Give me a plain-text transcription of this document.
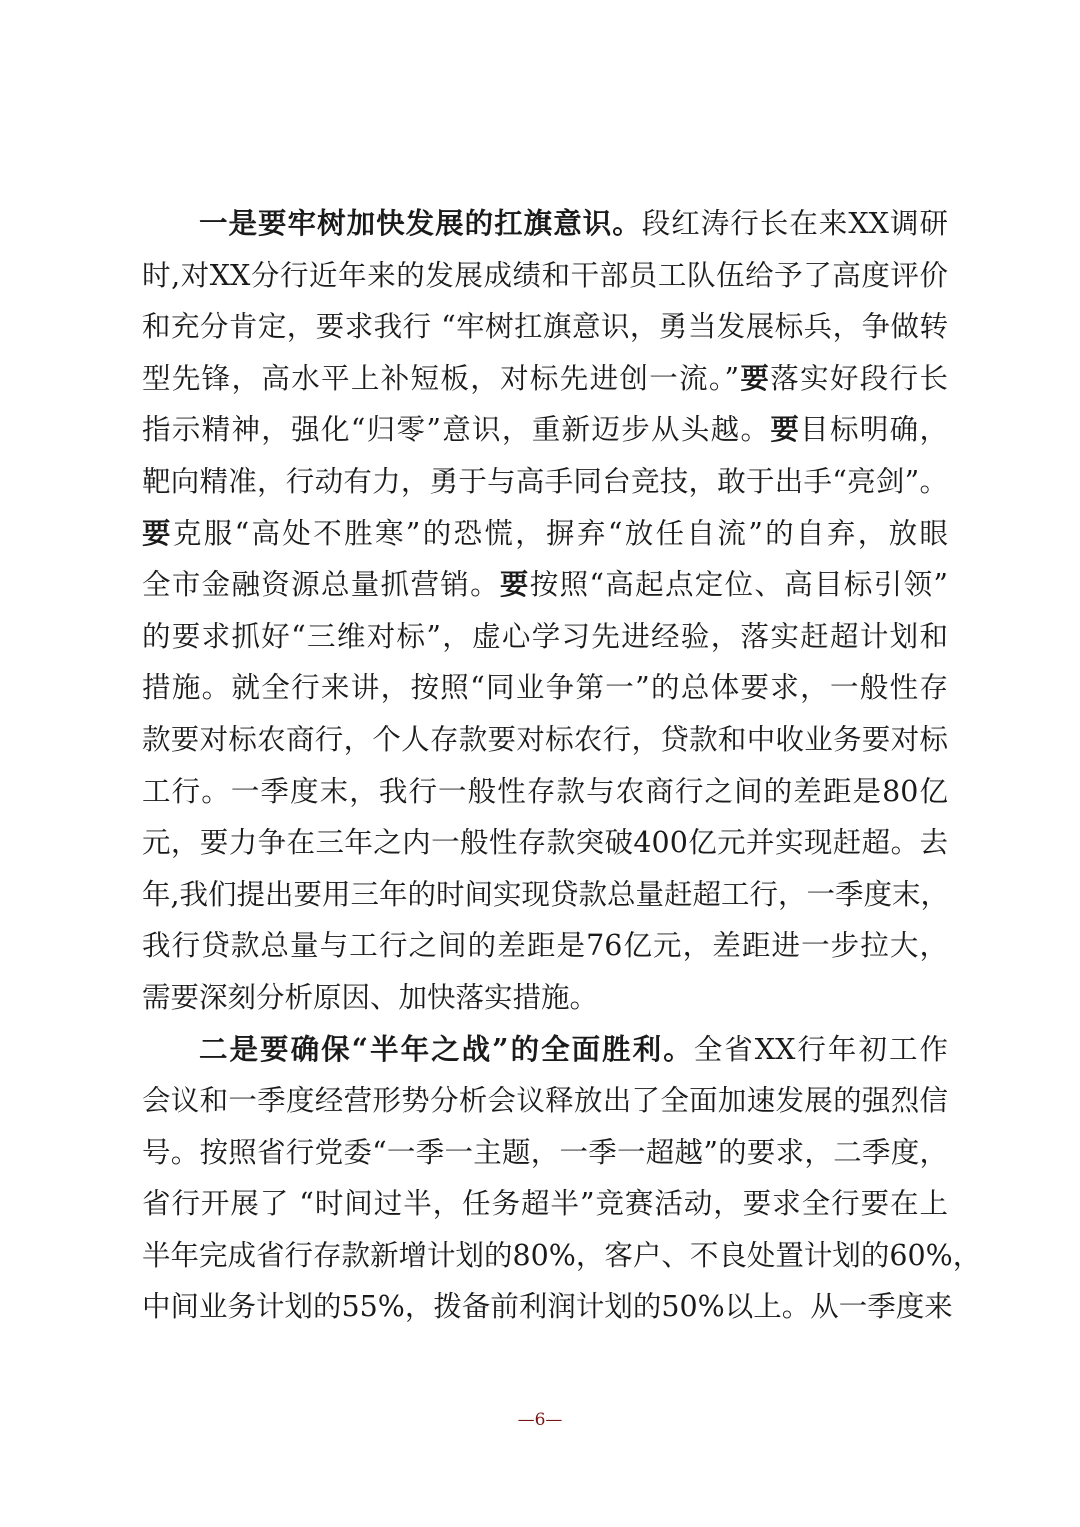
一是要牢树加快发展的扛旗意识。段红涛行长在来XX调研
时,对XX分行近年来的发展成绩和干部员工队伍给予了高度评价
和充分肯定，要求我行 “牢树扛旗意识，勇当发展标兵，争做转
型先锋，高水平上补短板，对标先进创一流。”要落实好段行长
指示精神，强化“归零”意识，重新迈步从头越。要目标明确，
靶向精准，行动有力，勇于与高手同台竞技，敢于出手“亮剑”。
要克服“高处不胜寒”的恐慌，摒弃“放任自流”的自弃，放眼
全市金融资源总量抓营销。要按照“高起点定位、高目标引领”
的要求抓好“三维对标”，虚心学习先进经验，落实赶超计划和
措施。就全行来讲，按照“同业争第一”的总体要求，一般性存
款要对标农商行，个人存款要对标农行，贷款和中收业务要对标
工行。一季度末，我行一般性存款与农商行之间的差距是80亿
元，要力争在三年之内一般性存款突破400亿元并实现赶超。去
年,我们提出要用三年的时间实现贷款总量赶超工行，一季度末，
我行贷款总量与工行之间的差距是76亿元，差距进一步拉大，
需要深刻分析原因、加快落实措施。
二是要确保“半年之战”的全面胜利。全省XX行年初工作
会议和一季度经营形势分析会议释放出了全面加速发展的强烈信
号。按照省行党委“一季一主题，一季一超越”的要求，二季度，
省行开展了 “时间过半，任务超半”竞赛活动，要求全行要在上
半年完成省行存款新增计划的80%，客户、不良处置计划的60%，
中间业务计划的55%，拨备前利润计划的50%以上。从一季度来
—6—
